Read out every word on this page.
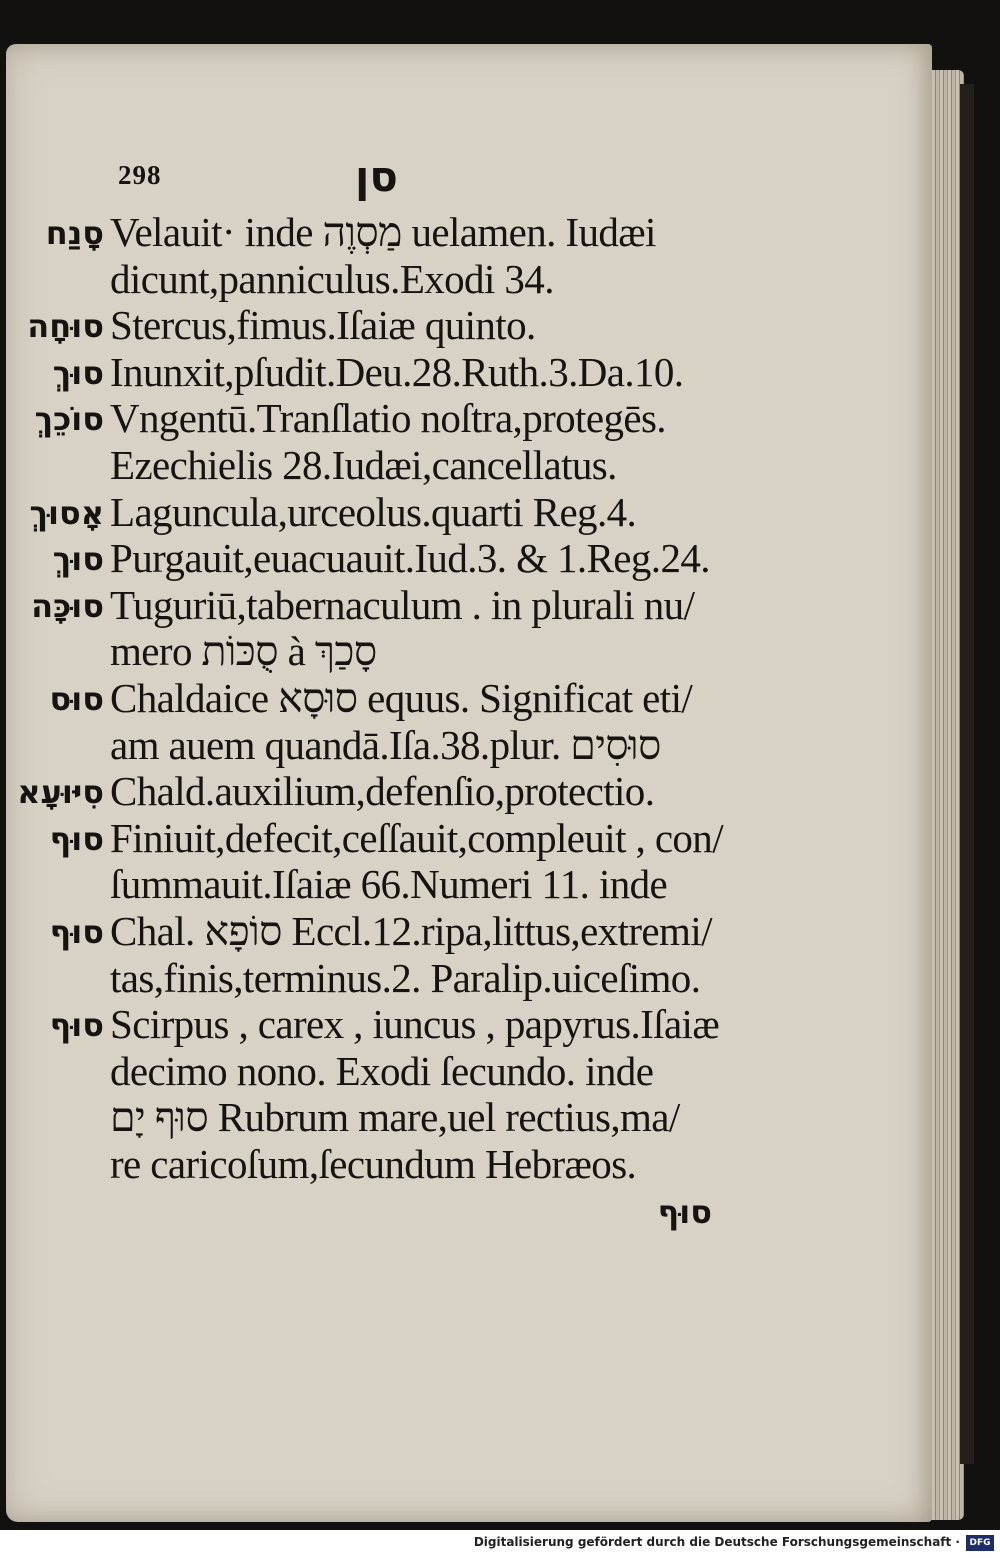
298	סן
סָנַח Velauit· inde מַסְוֶה uelamen. Iudæi
dicunt,panniculus.Exodi 34.
סוּחָה Stercus,fimus.Iſaiæ quinto.
סוּךְ Inunxit,pſudit.Deu.28.Ruth.3.Da.10.
סוֹכֵךְ Vngentū.Tranſlatio noſtra,protegēs.
Ezechielis 28.Iudæi,cancellatus.
אָסוּךְ Laguncula,urceolus.quarti Reg.4.
סוּךְ Purgauit,euacuauit.Iud.3. & 1.Reg.24.
סוּכָּה Tuguriū,tabernaculum . in plurali nu/
mero סֻכּוֹת à סָכַךְ
סוּס Chaldaice סוּסָא equus. Significat eti/
am auem quandā.Iſa.38.plur. סוּסִים
סִיּוּעָא Chald.auxilium,defenſio,protectio.
סוּף Finiuit,defecit,ceſſauit,compleuit , con/
ſummauit.Iſaiæ 66.Numeri 11. inde
סוּף Chal. סוֹפָא Eccl.12.ripa,littus,extremi/
tas,finis,terminus.2. Paralip.uiceſimo.
סוּף Scirpus , carex , iuncus , papyrus.Iſaiæ
decimo nono. Exodi ſecundo. inde
סוּף יָם Rubrum mare,uel rectius,ma/
re caricoſum,ſecundum Hebræos.
סוּף
Digitalisierung gefördert durch die Deutsche Forschungsgemeinschaft ·	DFG
